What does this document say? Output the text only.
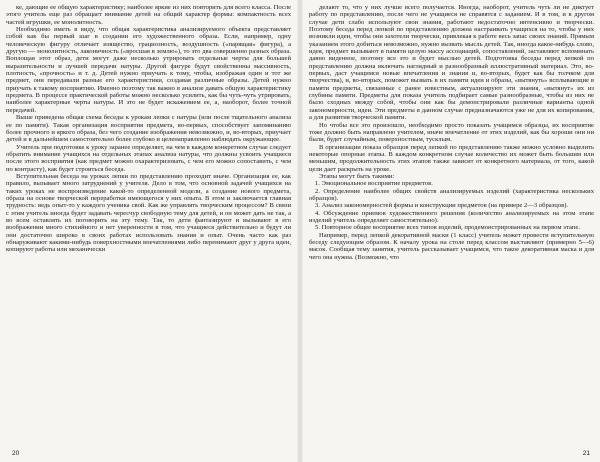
ке, дающие ее общую характеристику; наиболее яркие из них повторить для всего класса. После этого учитель еще раз обращает внимание детей на общий характер формы: компактность всех частей игрушки, ее монолитность.

Необходимо иметь в виду, что общая характеристика анализируемого объекта представляет собой как бы первый шаг в создании его художественного образа. Если, например, одну человеческую фигуру отличает изящество, грациозность, воздушность («парящая» фигура), а другую — монолитность, лаконичность («вросшая в землю»), то это два совершенно разных образа. Воплощая этот образ, дети могут даже несколько утрировать отдельные черты для большей выразительности и лучшей передачи натуры. Другой фигуре будут свойственны массивность, плотность, «прочность» и т. д. Детей нужно приучать к тому, чтобы, изображая один и тот же предмет, они передавали разные его характеристики, создавая различные образы. Детей нужно приучать к такому восприятию. Именно поэтому так важно в анализе давать общую характеристику предмета. В процессе практической работы можно несколько усилить, как бы чуть-чуть утрировать, наиболее характерные черты натуры. И это не будет искажением ее, а, наоборот, более точной передачей.

Выше приведена общая схема беседы к урокам лепки с натуры (или после тщательного анализа ее по памяти). Такая организация восприятия предмета, во-первых, способствует запоминанию более прочного и яркого образа, без чего создание изображения невозможно, и, во-вторых, приучает детей и в дальнейшем самостоятельно более глубоко и целенаправленно наблюдать окружающее.

Учитель при подготовке к уроку заранее определяет, на чем в каждом конкретном случае следует обратить внимание учащихся на отдельных этапах анализа натуры, что должны усвоить учащиеся после этого восприятия (как предмет можно охарактеризовать, с чем его можно сопоставить, с чем по контрасту), как будет строиться беседа.

Вступительная беседа на уроках лепки по представлению проходит иначе. Организация ее, как правило, вызывает много затруднений у учителя. Дело в том, что основной задачей учащихся на таких уроках не воспроизведение какой-то определенной модели, а создание нового предмета, образа на основе творческой переработки имеющегося у них опыта. В этом и заключается главная трудность: ведь опыт-то у каждого ученика свой. Как же управлять творческим процессом? В связи с этим учитель иногда будет задавать чересчур свободную тему для детей, и он может дать не так, а во всем оставлять их поговорить на эту тему. Так, то дети фантазируют и вызывают в его воображении много стихийного и нет уверенности в том, что учащиеся действительно и будут ли они достаточно широко в своих работах использовать знания и опыт. Очень часто как раз обнаруживают какими-нибудь поверхностными впечатлениями либо перенимают друг у друга идеи, копируют работы или механически

20

делают то, что у них лучше всего получается. Иногда, наоборот, учитель чуть ли не диктует работу по представлению, после чего не учащиеся не справятся с заданием. И в том, и в другом случае дети слабо используют свои знания, работают недостаточно интенсивно и творчески. Поэтому беседа перед лепкой по представлению должна настраивать учащихся на то, чтобы у них возникли идеи, чтобы они захотели творчески, привлекая к работе весь запас своих знаний. Прямым указанием этого добиться невозможно, нужно вызвать мысль детей. Так, иногда какое-нибудь слово, идея, предмет вызывают в памяти целую массу ассоциаций, сопоставлений, заставляют вспоминать давно виденное, поэтому все это и будет мыслью детей. Подготовка беседы перед лепкой по представлению должна включать наглядный и разнообразный иллюстративный материал. Это, во-первых, даст учащимся новые впечатления и знания и, во-вторых, будет как бы толчком для творчества), и, во-вторых, поможет вызвать в их памяти идеи и образы, «вытянуть» всплывающие в памяти предметы, связанные с ранее известным, актуализируют эти знания, «вытянут» их из глубины памяти. Предметы для показа учитель подбирает самые разнообразные, чтобы из них не было сходных между собой, чтобы они как бы демонстрировали различные варианты одной закономерности, идеи. Эти предметы в данном случае предназначаются уже не для их копирования, а для развития творческой памяти.

Но чтобы все это произошло, необходимо просто показать учащимся образцы, их восприятие тоже должно быть направлено учителем, иначе впечатление от этих изделий, как бы хороши они ни были, будет случайным, поверхностным, тусклым.

В организации показа образцов перед лепкой по представлению также можно условно выделить некоторые опорные этапы. В каждом конкретном случае количество их может быть большим или меньшим, продолжительность этих этапов также зависит от конкретного материала, от того, какой цели дает раскрыть на уроке.

Этапы могут быть такими:

1. Эмоциональное восприятие предметов.

2. Определение наиболее общих свойств анализируемых изделий (характеристика нескольких образцов).

3. Анализ закономерностей формы и конструкции предметов (на примере 2—3 образцов).

4. Обсуждение приемов художественного решения (количество анализируемых на этом этапе изделий учитель определяет самостоятельно).

5. Повторное общее восприятие всех типов изделий, продемонстрированных на первом этапе.

Например, перед лепкой декоративной маски (1 класс) учитель может провести вступительную беседу следующим образом. К началу урока на столе перед классом выставляют (примерно 5—6) масок. Сообщая тему занятия, учитель рассказывает учащимся, что такое декоративная маска и для чего она нужна. (Возможно, что

21
